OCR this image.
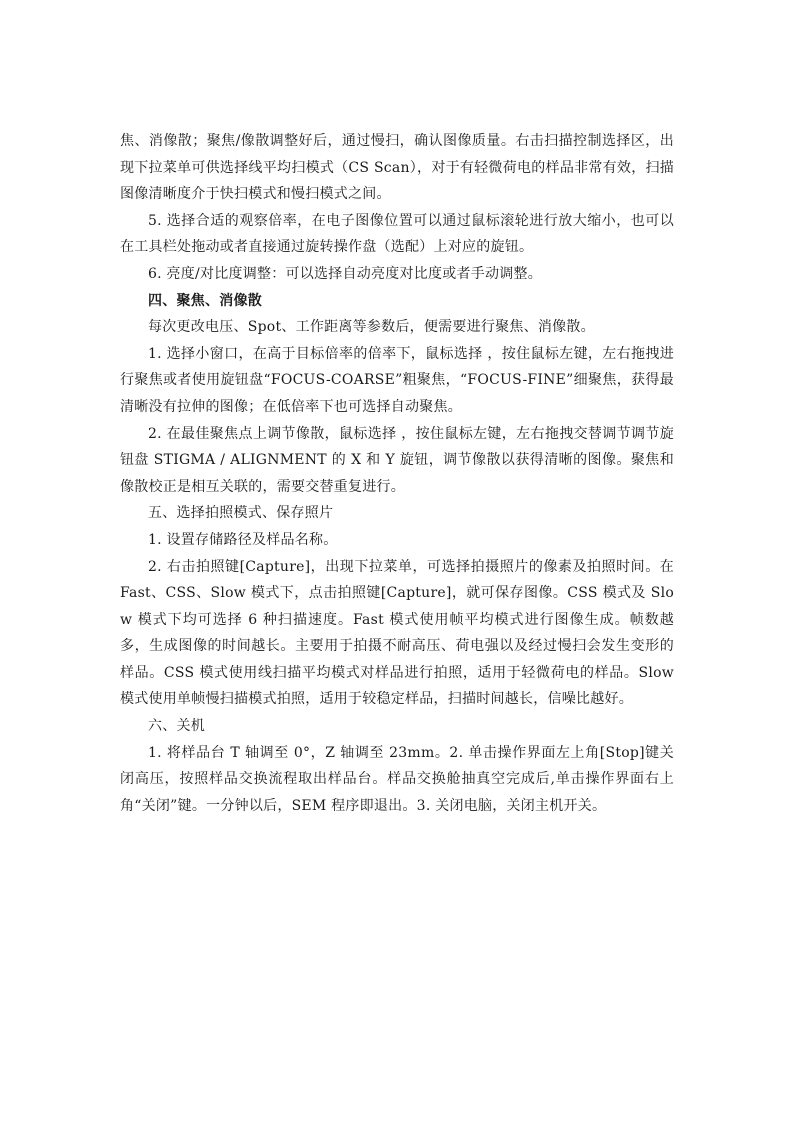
焦、消像散；聚焦/像散调整好后，通过慢扫，确认图像质量。右击扫描控制选择区，出现下拉菜单可供选择线平均扫模式（CS Scan），对于有轻微荷电的样品非常有效，扫描图像清晰度介于快扫模式和慢扫模式之间。

5. 选择合适的观察倍率，在电子图像位置可以通过鼠标滚轮进行放大缩小，也可以在工具栏处拖动或者直接通过旋转操作盘（选配）上对应的旋钮。

6. 亮度/对比度调整：可以选择自动亮度对比度或者手动调整。

四、聚焦、消像散

每次更改电压、Spot、工作距离等参数后，便需要进行聚焦、消像散。

1. 选择小窗口，在高于目标倍率的倍率下，鼠标选择 ，按住鼠标左键，左右拖拽进行聚焦或者使用旋钮盘“FOCUS-COARSE”粗聚焦，“FOCUS-FINE”细聚焦，获得最清晰没有拉伸的图像；在低倍率下也可选择自动聚焦。

2. 在最佳聚焦点上调节像散，鼠标选择 ，按住鼠标左键，左右拖拽交替调节调节旋钮盘 STIGMA / ALIGNMENT 的 X 和 Y 旋钮，调节像散以获得清晰的图像。聚焦和像散校正是相互关联的，需要交替重复进行。

五、选择拍照模式、保存照片

1. 设置存储路径及样品名称。

2. 右击拍照键[Capture]，出现下拉菜单，可选择拍摄照片的像素及拍照时间。在 Fast、CSS、Slow 模式下，点击拍照键[Capture]，就可保存图像。CSS 模式及 Slow 模式下均可选择 6 种扫描速度。Fast 模式使用帧平均模式进行图像生成。帧数越多，生成图像的时间越长。主要用于拍摄不耐高压、荷电强以及经过慢扫会发生变形的样品。CSS 模式使用线扫描平均模式对样品进行拍照，适用于轻微荷电的样品。Slow 模式使用单帧慢扫描模式拍照，适用于较稳定样品，扫描时间越长，信噪比越好。

六、关机

1. 将样品台 T 轴调至 0°，Z 轴调至 23mm。2. 单击操作界面左上角[Stop]键关闭高压，按照样品交换流程取出样品台。样品交换舱抽真空完成后,单击操作界面右上角“关闭”键。一分钟以后，SEM 程序即退出。3. 关闭电脑，关闭主机开关。
